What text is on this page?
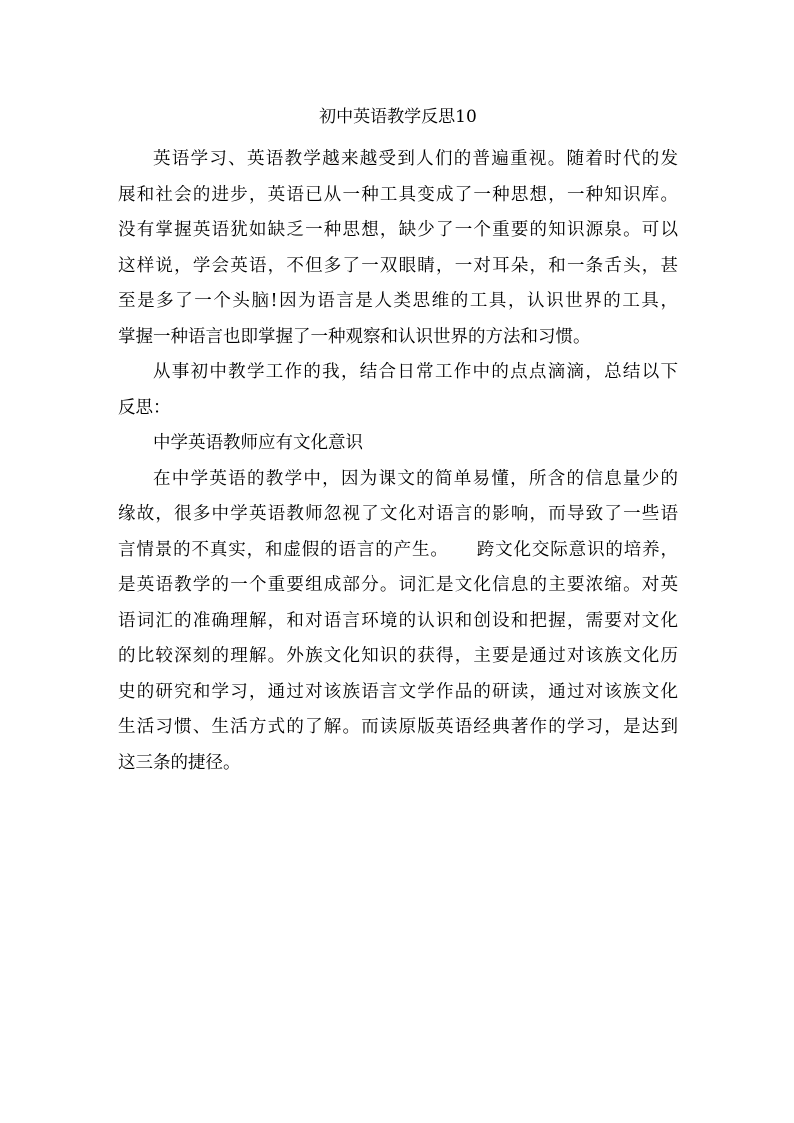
初中英语教学反思10

英语学习、英语教学越来越受到人们的普遍重视。随着时代的发
展和社会的进步，英语已从一种工具变成了一种思想，一种知识库。
没有掌握英语犹如缺乏一种思想，缺少了一个重要的知识源泉。可以
这样说，学会英语，不但多了一双眼睛，一对耳朵，和一条舌头，甚
至是多了一个头脑!因为语言是人类思维的工具，认识世界的工具，
掌握一种语言也即掌握了一种观察和认识世界的方法和习惯。

从事初中教学工作的我，结合日常工作中的点点滴滴，总结以下
反思：

中学英语教师应有文化意识

在中学英语的教学中，因为课文的简单易懂，所含的信息量少的
缘故，很多中学英语教师忽视了文化对语言的影响，而导致了一些语
言情景的不真实，和虚假的语言的产生。　　跨文化交际意识的培养，
是英语教学的一个重要组成部分。词汇是文化信息的主要浓缩。对英
语词汇的准确理解，和对语言环境的认识和创设和把握，需要对文化
的比较深刻的理解。外族文化知识的获得，主要是通过对该族文化历
史的研究和学习，通过对该族语言文学作品的研读，通过对该族文化
生活习惯、生活方式的了解。而读原版英语经典著作的学习，是达到
这三条的捷径。
